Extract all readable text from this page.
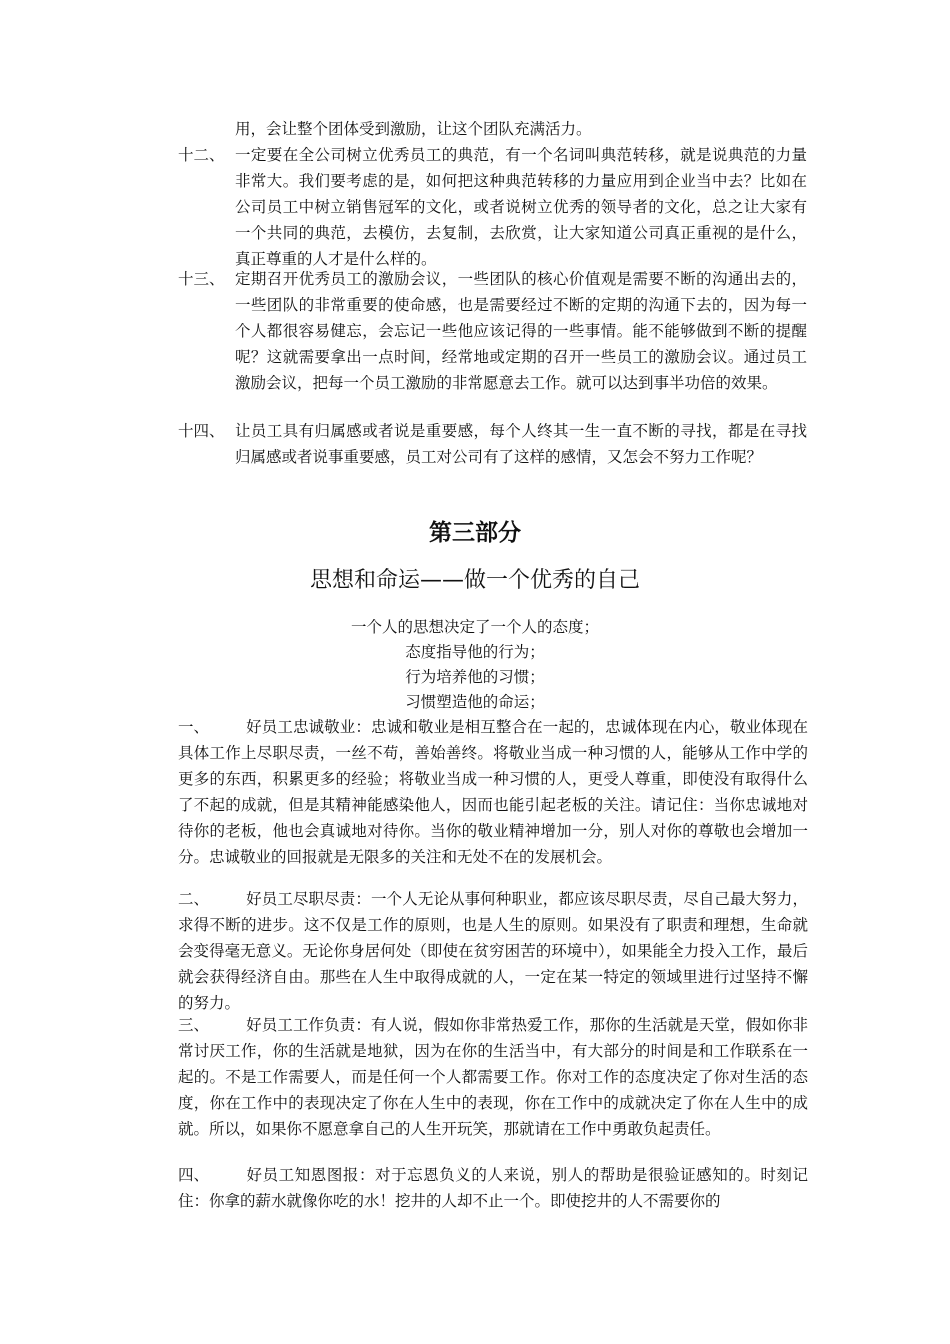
用，会让整个团体受到激励，让这个团队充满活力。
十二、 一定要在全公司树立优秀员工的典范，有一个名词叫典范转移，就是说典范的力量非常大。我们要考虑的是，如何把这种典范转移的力量应用到企业当中去？比如在公司员工中树立销售冠军的文化，或者说树立优秀的领导者的文化，总之让大家有一个共同的典范，去模仿，去复制，去欣赏，让大家知道公司真正重视的是什么，真正尊重的人才是什么样的。
十三、 定期召开优秀员工的激励会议，一些团队的核心价值观是需要不断的沟通出去的，一些团队的非常重要的使命感，也是需要经过不断的定期的沟通下去的，因为每一个人都很容易健忘，会忘记一些他应该记得的一些事情。能不能够做到不断的提醒呢？这就需要拿出一点时间，经常地或定期的召开一些员工的激励会议。通过员工激励会议，把每一个员工激励的非常愿意去工作。就可以达到事半功倍的效果。
十四、 让员工具有归属感或者说是重要感，每个人终其一生一直不断的寻找，都是在寻找归属感或者说事重要感，员工对公司有了这样的感情，又怎会不努力工作呢？
第三部分
思想和命运——做一个优秀的自己
一个人的思想决定了一个人的态度；
态度指导他的行为；
行为培养他的习惯；
习惯塑造他的命运；
一、 好员工忠诚敬业：忠诚和敬业是相互整合在一起的，忠诚体现在内心，敬业体现在具体工作上尽职尽责，一丝不苟，善始善终。将敬业当成一种习惯的人，能够从工作中学的更多的东西，积累更多的经验；将敬业当成一种习惯的人，更受人尊重，即使没有取得什么了不起的成就，但是其精神能感染他人，因而也能引起老板的关注。请记住：当你忠诚地对待你的老板，他也会真诚地对待你。当你的敬业精神增加一分，别人对你的尊敬也会增加一分。忠诚敬业的回报就是无限多的关注和无处不在的发展机会。
二、 好员工尽职尽责：一个人无论从事何种职业，都应该尽职尽责，尽自己最大努力，求得不断的进步。这不仅是工作的原则，也是人生的原则。如果没有了职责和理想，生命就会变得毫无意义。无论你身居何处（即使在贫穷困苦的环境中），如果能全力投入工作，最后就会获得经济自由。那些在人生中取得成就的人，一定在某一特定的领域里进行过坚持不懈的努力。
三、 好员工工作负责：有人说，假如你非常热爱工作，那你的生活就是天堂，假如你非常讨厌工作，你的生活就是地狱，因为在你的生活当中，有大部分的时间是和工作联系在一起的。不是工作需要人，而是任何一个人都需要工作。你对工作的态度决定了你对生活的态度，你在工作中的表现决定了你在人生中的表现，你在工作中的成就决定了你在人生中的成就。所以，如果你不愿意拿自己的人生开玩笑，那就请在工作中勇敢负起责任。
四、 好员工知恩图报：对于忘恩负义的人来说，别人的帮助是很验证感知的。时刻记住：你拿的薪水就像你吃的水！挖井的人却不止一个。即使挖井的人不需要你的
